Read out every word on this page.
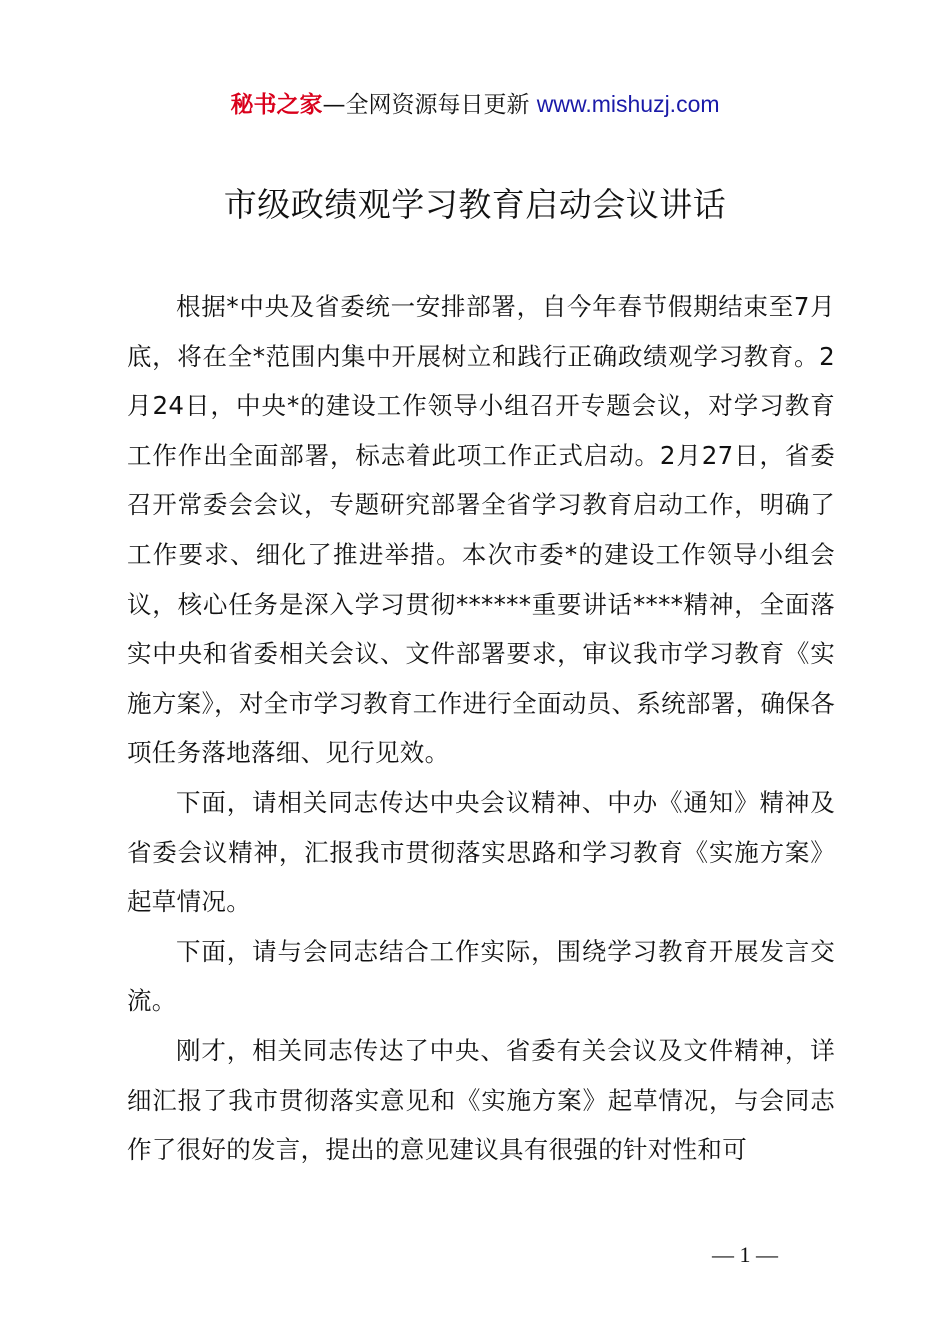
秘书之家—全网资源每日更新 www.mishuzj.com
市级政绩观学习教育启动会议讲话

根据*中央及省委统一安排部署，自今年春节假期结束至7月底，将在全*范围内集中开展树立和践行正确政绩观学习教育。2月24日，中央*的建设工作领导小组召开专题会议，对学习教育工作作出全面部署，标志着此项工作正式启动。2月27日，省委召开常委会会议，专题研究部署全省学习教育启动工作，明确了工作要求、细化了推进举措。本次市委*的建设工作领导小组会议，核心任务是深入学习贯彻******重要讲话****精神，全面落实中央和省委相关会议、文件部署要求，审议我市学习教育《实施方案》，对全市学习教育工作进行全面动员、系统部署，确保各项任务落地落细、见行见效。

下面，请相关同志传达中央会议精神、中办《通知》精神及省委会议精神，汇报我市贯彻落实思路和学习教育《实施方案》起草情况。

下面，请与会同志结合工作实际，围绕学习教育开展发言交流。

刚才，相关同志传达了中央、省委有关会议及文件精神，详细汇报了我市贯彻落实意见和《实施方案》起草情况，与会同志作了很好的发言，提出的意见建议具有很强的针对性和可

— 1 —
